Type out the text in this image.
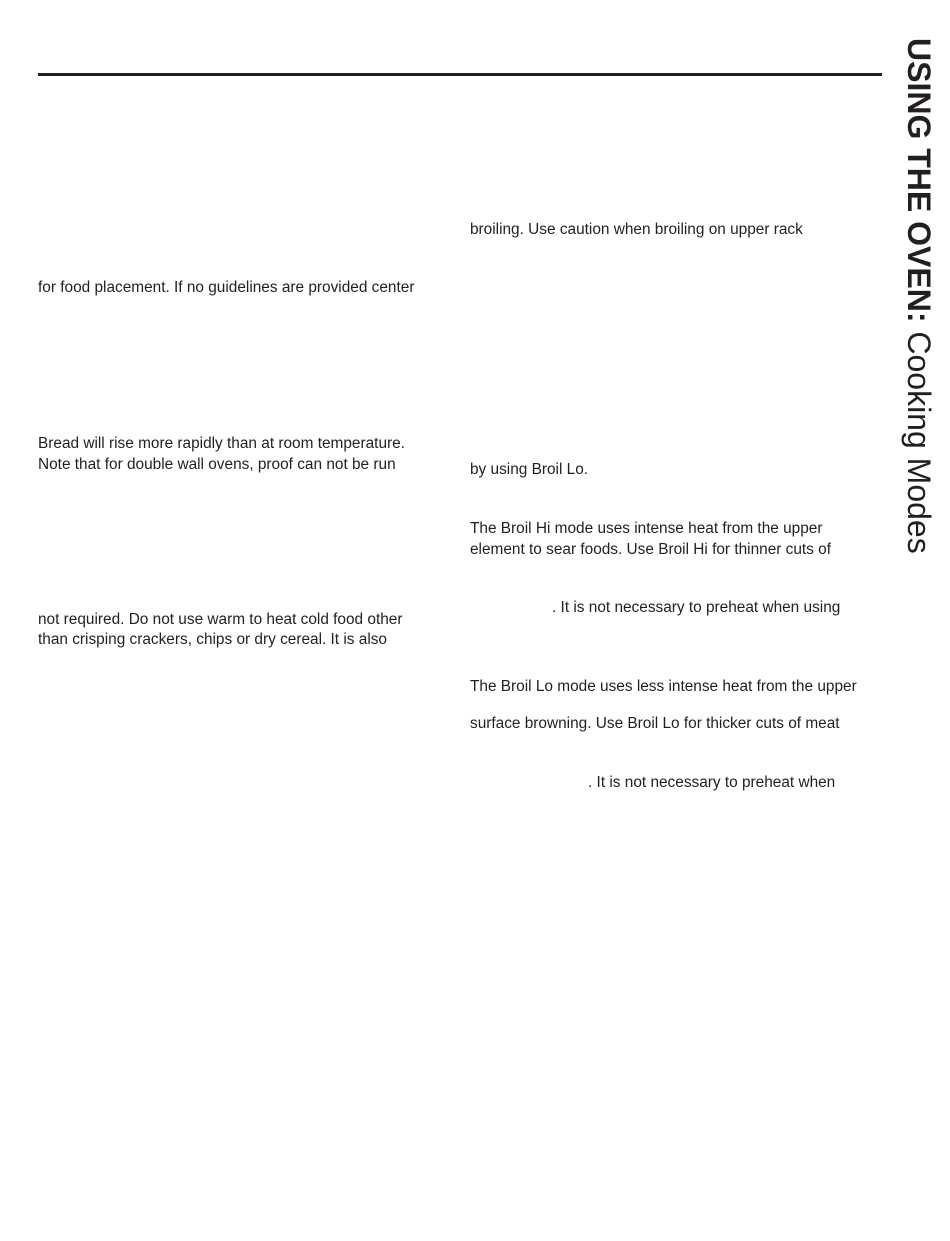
for food placement. If no guidelines are provided center
Bread will rise more rapidly than at room temperature.
Note that for double wall ovens, proof can not be run
not required. Do not use warm to heat cold food other
than crisping crackers, chips or dry cereal. It is also
broiling. Use caution when broiling on upper rack
by using Broil Lo.
The Broil Hi mode uses intense heat from the upper
element to sear foods. Use Broil Hi for thinner cuts of
. It is not necessary to preheat when using
The Broil Lo mode uses less intense heat from the upper
surface browning. Use Broil Lo for thicker cuts of meat
. It is not necessary to preheat when
USING THE OVEN: Cooking Modes
